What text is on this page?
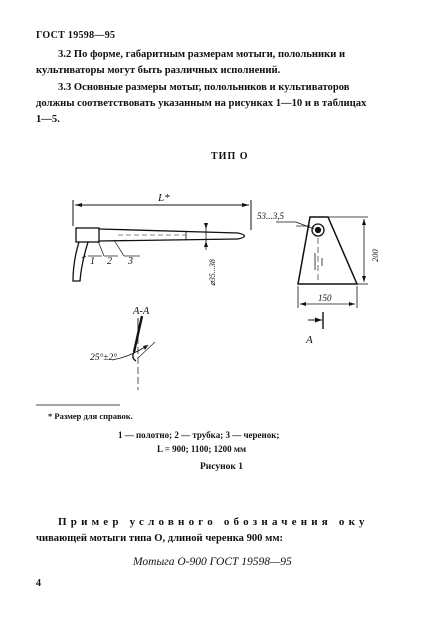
ГОСТ 19598—95
3.2 По форме, габаритным размерам мотыги, полольники и
культиваторы могут быть различных исполнений.
3.3 Основные размеры мотыг, полольников и культиваторов
должны соответствовать указанным на рисунках 1—10 и в таблицах
1—5.
ТИП О
L*
1 2 3	⌀35...38
53...3,5
200
150
А
А-А
25°±2°
* Размер для справок.
1 — полотно; 2 — трубка; 3 — черенок;
L = 900; 1100; 1200 мм
Рисунок 1
Пример условного обозначения оку
чивающей мотыги типа О, длиной черенка 900 мм:
Мотыга О-900 ГОСТ 19598—95
4
